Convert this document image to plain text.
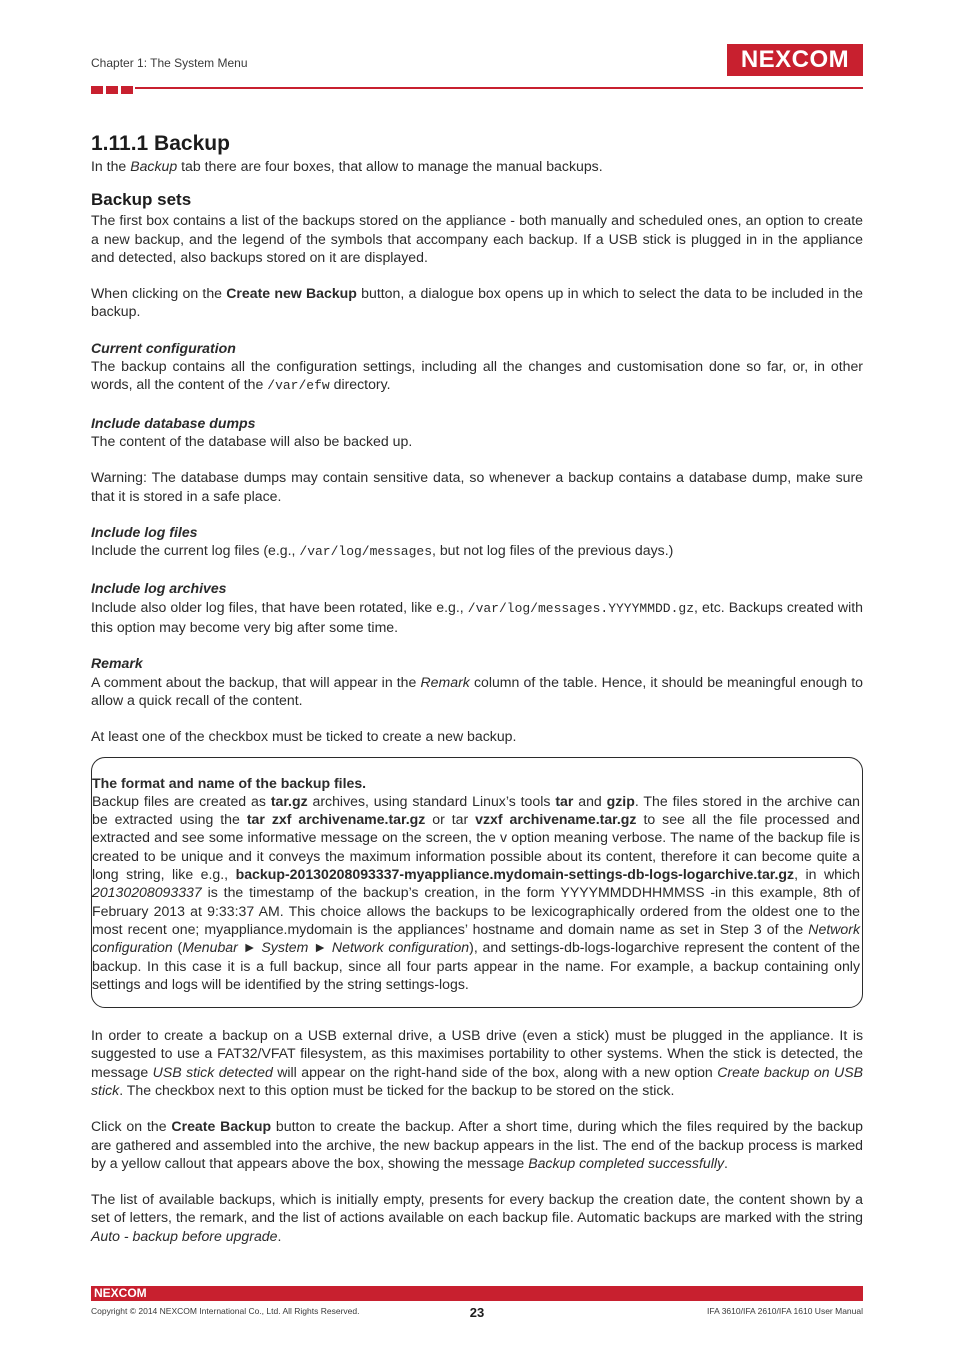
Chapter 1: The System Menu	NEXCOM
1.11.1 Backup

In the Backup tab there are four boxes, that allow to manage the manual backups.

Backup sets

The first box contains a list of the backups stored on the appliance - both manually and scheduled ones, an option to create a new backup, and the legend of the symbols that accompany each backup. If a USB stick is plugged in in the appliance and detected, also backups stored on it are displayed.

When clicking on the Create new Backup button, a dialogue box opens up in which to select the data to be included in the backup.

Current configuration

The backup contains all the configuration settings, including all the changes and customisation done so far, or, in other words, all the content of the /var/efw directory.

Include database dumps

The content of the database will also be backed up.

Warning: The database dumps may contain sensitive data, so whenever a backup contains a database dump, make sure that it is stored in a safe place.

Include log files

Include the current log files (e.g., /var/log/messages, but not log files of the previous days.)

Include log archives

Include also older log files, that have been rotated, like e.g., /var/log/messages.YYYYMMDD.gz, etc. Backups created with this option may become very big after some time.

Remark

A comment about the backup, that will appear in the Remark column of the table. Hence, it should be meaningful enough to allow a quick recall of the content.

At least one of the checkbox must be ticked to create a new backup.

The format and name of the backup files.

Backup files are created as tar.gz archives, using standard Linux’s tools tar and gzip. The files stored in the archive can be extracted using the tar zxf archivename.tar.gz or tar vzxf archivename.tar.gz to see all the file processed and extracted and see some informative message on the screen, the v option meaning verbose. The name of the backup file is created to be unique and it conveys the maximum information possible about its content, therefore it can become quite a long string, like e.g., backup-20130208093337-myappliance.mydomain-settings-db-logs-logarchive.tar.gz, in which 20130208093337 is the timestamp of the backup’s creation, in the form YYYYMMDDHHMMSS -in this example, 8th of February 2013 at 9:33:37 AM. This choice allows the backups to be lexicographically ordered from the oldest one to the most recent one; myappliance.mydomain is the appliances’ hostname and domain name as set in Step 3 of the Network configuration (Menubar ► System ► Network configuration), and settings-db-logs-logarchive represent the content of the backup. In this case it is a full backup, since all four parts appear in the name. For example, a backup containing only settings and logs will be identified by the string settings-logs.

In order to create a backup on a USB external drive, a USB drive (even a stick) must be plugged in the appliance. It is suggested to use a FAT32/VFAT filesystem, as this maximises portability to other systems. When the stick is detected, the message USB stick detected will appear on the right-hand side of the box, along with a new option Create backup on USB stick. The checkbox next to this option must be ticked for the backup to be stored on the stick.

Click on the Create Backup button to create the backup. After a short time, during which the files required by the backup are gathered and assembled into the archive, the new backup appears in the list. The end of the backup process is marked by a yellow callout that appears above the box, showing the message Backup completed successfully.

The list of available backups, which is initially empty, presents for every backup the creation date, the content shown by a set of letters, the remark, and the list of actions available on each backup file. Automatic backups are marked with the string Auto - backup before upgrade.

NEXCOM
Copyright © 2014 NEXCOM International Co., Ltd. All Rights Reserved.	23	IFA 3610/IFA 2610/IFA 1610 User Manual
